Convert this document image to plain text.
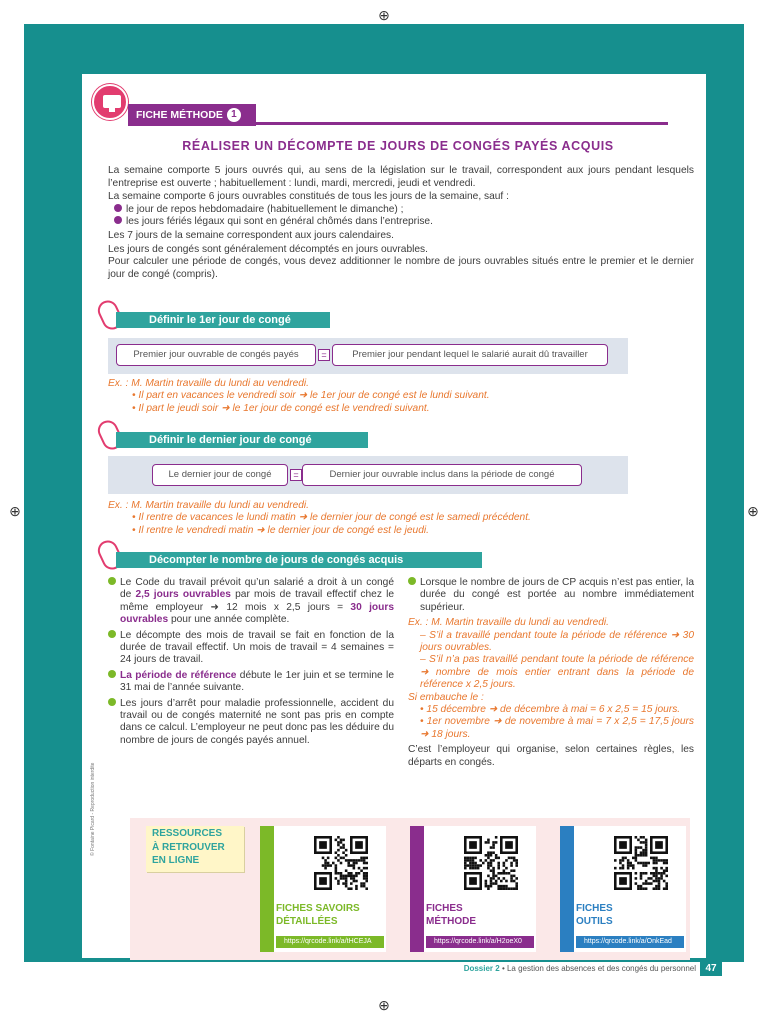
⊕
⊕	⊕
⊕
FICHE MÉTHODE 1
RÉALISER UN DÉCOMPTE DE JOURS DE CONGÉS PAYÉS ACQUIS

La semaine comporte 5 jours ouvrés qui, au sens de la législation sur le travail, correspondent aux jours pendant lesquels l’entreprise est ouverte ; habituellement : lundi, mardi, mercredi, jeudi et vendredi.

La semaine comporte 6 jours ouvrables constitués de tous les jours de la semaine, sauf :

le jour de repos hebdomadaire (habituellement le dimanche) ;

les jours fériés légaux qui sont en général chômés dans l’entreprise.

Les 7 jours de la semaine correspondent aux jours calendaires.

Les jours de congés sont généralement décomptés en jours ouvrables.

Pour calculer une période de congés, vous devez additionner le nombre de jours ouvrables situés entre le premier et le dernier jour de congé (compris).

Définir le 1er jour de congé
Premier jour ouvrable de congés payés	=	Premier jour pendant lequel le salarié aurait dû travailler
Ex. : M. Martin travaille du lundi au vendredi.
• Il part en vacances le vendredi soir ➜ le 1er jour de congé est le lundi suivant.
• Il part le jeudi soir ➜ le 1er jour de congé est le vendredi suivant.
Définir le dernier jour de congé
Le dernier jour de congé	=	Dernier jour ouvrable inclus dans la période de congé
Ex. : M. Martin travaille du lundi au vendredi.
• Il rentre de vacances le lundi matin ➜ le dernier jour de congé est le samedi précédent.
• Il rentre le vendredi matin ➜ le dernier jour de congé est le jeudi.
Décompter le nombre de jours de congés acquis

Le Code du travail prévoit qu’un salarié a droit à un congé de 2,5 jours ouvrables par mois de travail effectif chez le même employeur ➜ 12 mois x 2,5 jours = 30 jours ouvrables pour une année complète.

Le décompte des mois de travail se fait en fonction de la durée de travail effectif. Un mois de travail = 4 semaines = 24 jours de travail.

La période de référence débute le 1er juin et se termine le 31 mai de l’année suivante.

Les jours d’arrêt pour maladie professionnelle, accident du travail ou de congés maternité ne sont pas pris en compte dans ce calcul. L’employeur ne peut donc pas les déduire du nombre de jours de congés payés annuel.

Lorsque le nombre de jours de CP acquis n’est pas entier, la durée du congé est portée au nombre immédiatement supérieur.

Ex. : M. Martin travaille du lundi au vendredi.
– S’il a travaillé pendant toute la période de référence ➜ 30 jours ouvrables.
– S’il n’a pas travaillé pendant toute la période de référence ➜ nombre de mois entier entrant dans la période de référence x 2,5 jours.
Si embauche le :
• 15 décembre ➜ de décembre à mai = 6 x 2,5 = 15 jours.
• 1er novembre ➜ de novembre à mai = 7 x 2,5 = 17,5 jours ➜ 18 jours.

C’est l’employeur qui organise, selon certaines règles, les départs en congés.

RESSOURCES
À RETROUVER
EN LIGNE
FICHES SAVOIRS
DÉTAILLÉES
https://qrcode.link/a/tHCEJA
FICHES
MÉTHODE
https://qrcode.link/a/H2oeX0
FICHES
OUTILS
https://qrcode.link/a/OnkEad
Dossier 2 • La gestion des absences et des congés du personnel 47
© Fontaine Picard - Reproduction interdite
